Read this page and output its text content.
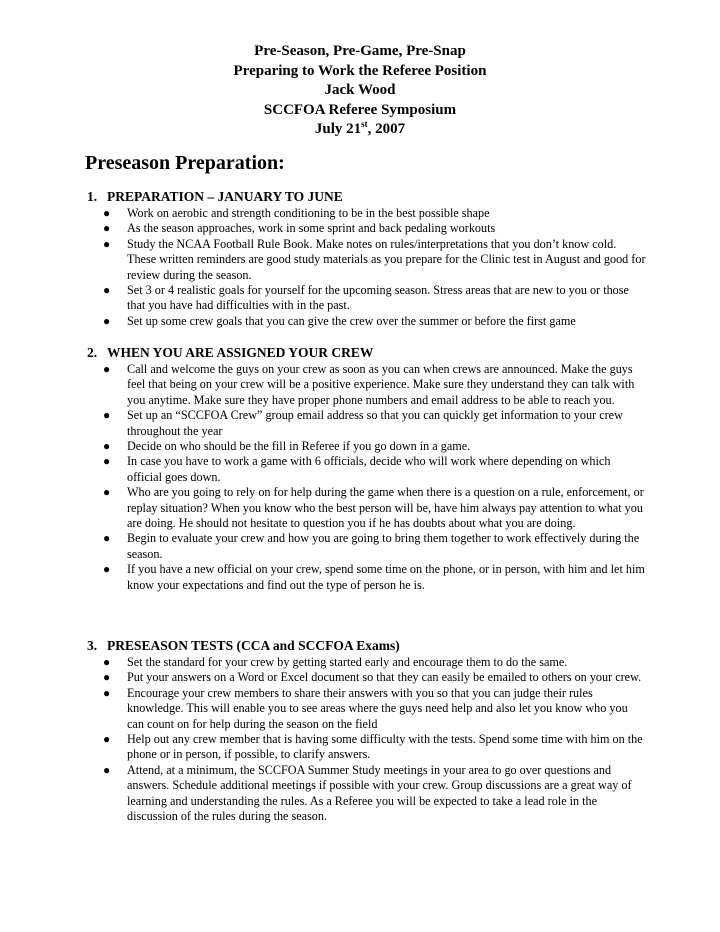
Pre-Season, Pre-Game, Pre-Snap
Preparing to Work the Referee Position
Jack Wood
SCCFOA Referee Symposium
July 21st, 2007
Preseason Preparation:
1. PREPARATION – JANUARY TO JUNE
● Work on aerobic and strength conditioning to be in the best possible shape
● As the season approaches, work in some sprint and back pedaling workouts
● Study the NCAA Football Rule Book. Make notes on rules/interpretations that you don’t know cold. These written reminders are good study materials as you prepare for the Clinic test in August and good for review during the season.
● Set 3 or 4 realistic goals for yourself for the upcoming season. Stress areas that are new to you or those that you have had difficulties with in the past.
● Set up some crew goals that you can give the crew over the summer or before the first game
2. WHEN YOU ARE ASSIGNED YOUR CREW
● Call and welcome the guys on your crew as soon as you can when crews are announced. Make the guys feel that being on your crew will be a positive experience. Make sure they understand they can talk with you anytime. Make sure they have proper phone numbers and email address to be able to reach you.
● Set up an “SCCFOA Crew” group email address so that you can quickly get information to your crew throughout the year
● Decide on who should be the fill in Referee if you go down in a game.
● In case you have to work a game with 6 officials, decide who will work where depending on which official goes down.
● Who are you going to rely on for help during the game when there is a question on a rule, enforcement, or replay situation? When you know who the best person will be, have him always pay attention to what you are doing. He should not hesitate to question you if he has doubts about what you are doing.
● Begin to evaluate your crew and how you are going to bring them together to work effectively during the season.
● If you have a new official on your crew, spend some time on the phone, or in person, with him and let him know your expectations and find out the type of person he is.
3. PRESEASON TESTS (CCA and SCCFOA Exams)
● Set the standard for your crew by getting started early and encourage them to do the same.
● Put your answers on a Word or Excel document so that they can easily be emailed to others on your crew.
● Encourage your crew members to share their answers with you so that you can judge their rules knowledge. This will enable you to see areas where the guys need help and also let you know who you can count on for help during the season on the field
● Help out any crew member that is having some difficulty with the tests. Spend some time with him on the phone or in person, if possible, to clarify answers.
● Attend, at a minimum, the SCCFOA Summer Study meetings in your area to go over questions and answers. Schedule additional meetings if possible with your crew. Group discussions are a great way of learning and understanding the rules. As a Referee you will be expected to take a lead role in the discussion of the rules during the season.
